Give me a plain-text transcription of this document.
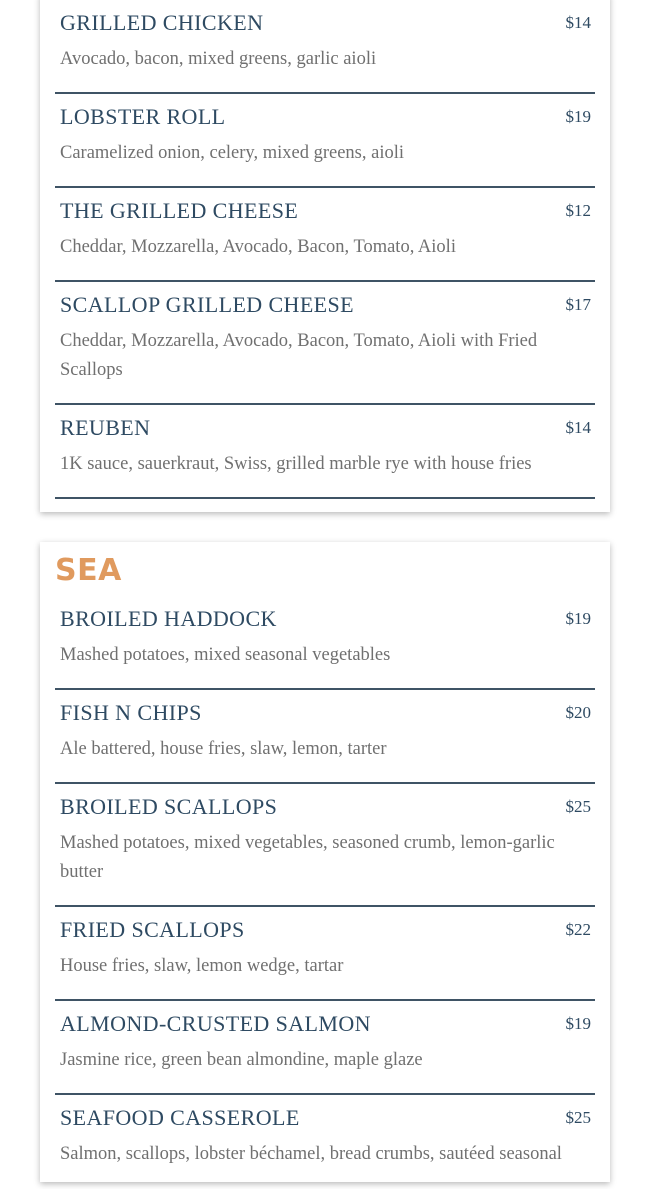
GRILLED CHICKEN	$14
Avocado, bacon, mixed greens, garlic aioli
LOBSTER ROLL	$19
Caramelized onion, celery, mixed greens, aioli
THE GRILLED CHEESE	$12
Cheddar, Mozzarella, Avocado, Bacon, Tomato, Aioli
SCALLOP GRILLED CHEESE	$17
Cheddar, Mozzarella, Avocado, Bacon, Tomato, Aioli with Fried Scallops
REUBEN	$14
1K sauce, sauerkraut, Swiss, grilled marble rye with house fries
SEA
BROILED HADDOCK	$19
Mashed potatoes, mixed seasonal vegetables
FISH N CHIPS	$20
Ale battered, house fries, slaw, lemon, tarter
BROILED SCALLOPS	$25
Mashed potatoes, mixed vegetables, seasoned crumb, lemon-garlic butter
FRIED SCALLOPS	$22
House fries, slaw, lemon wedge, tartar
ALMOND-CRUSTED SALMON	$19
Jasmine rice, green bean almondine, maple glaze
SEAFOOD CASSEROLE	$25
Salmon, scallops, lobster béchamel, bread crumbs, sautéed seasonal
